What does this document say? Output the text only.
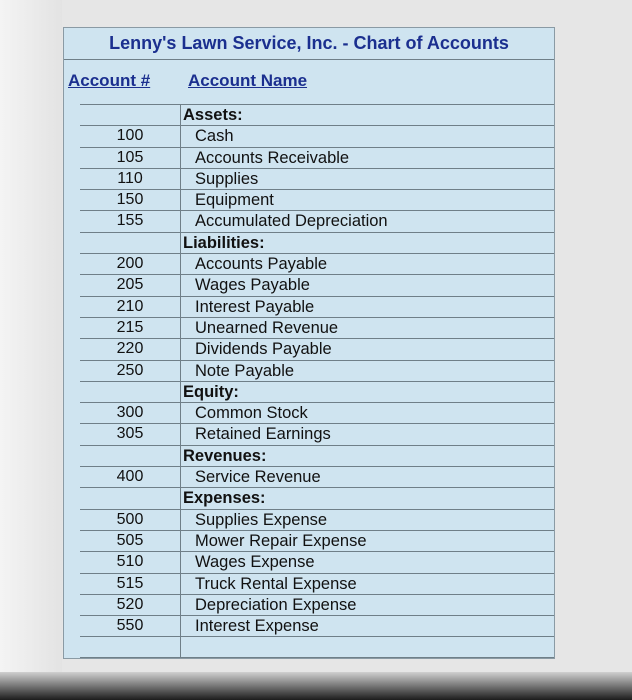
Lenny's Lawn Service, Inc. - Chart of Accounts
Account # Account Name
Assets:
100	Cash
105	Accounts Receivable
110	Supplies
150	Equipment
155	Accumulated Depreciation
Liabilities:
200	Accounts Payable
205	Wages Payable
210	Interest Payable
215	Unearned Revenue
220	Dividends Payable
250	Note Payable
Equity:
300	Common Stock
305	Retained Earnings
Revenues:
400	Service Revenue
Expenses:
500	Supplies Expense
505	Mower Repair Expense
510	Wages Expense
515	Truck Rental Expense
520	Depreciation Expense
550	Interest Expense
